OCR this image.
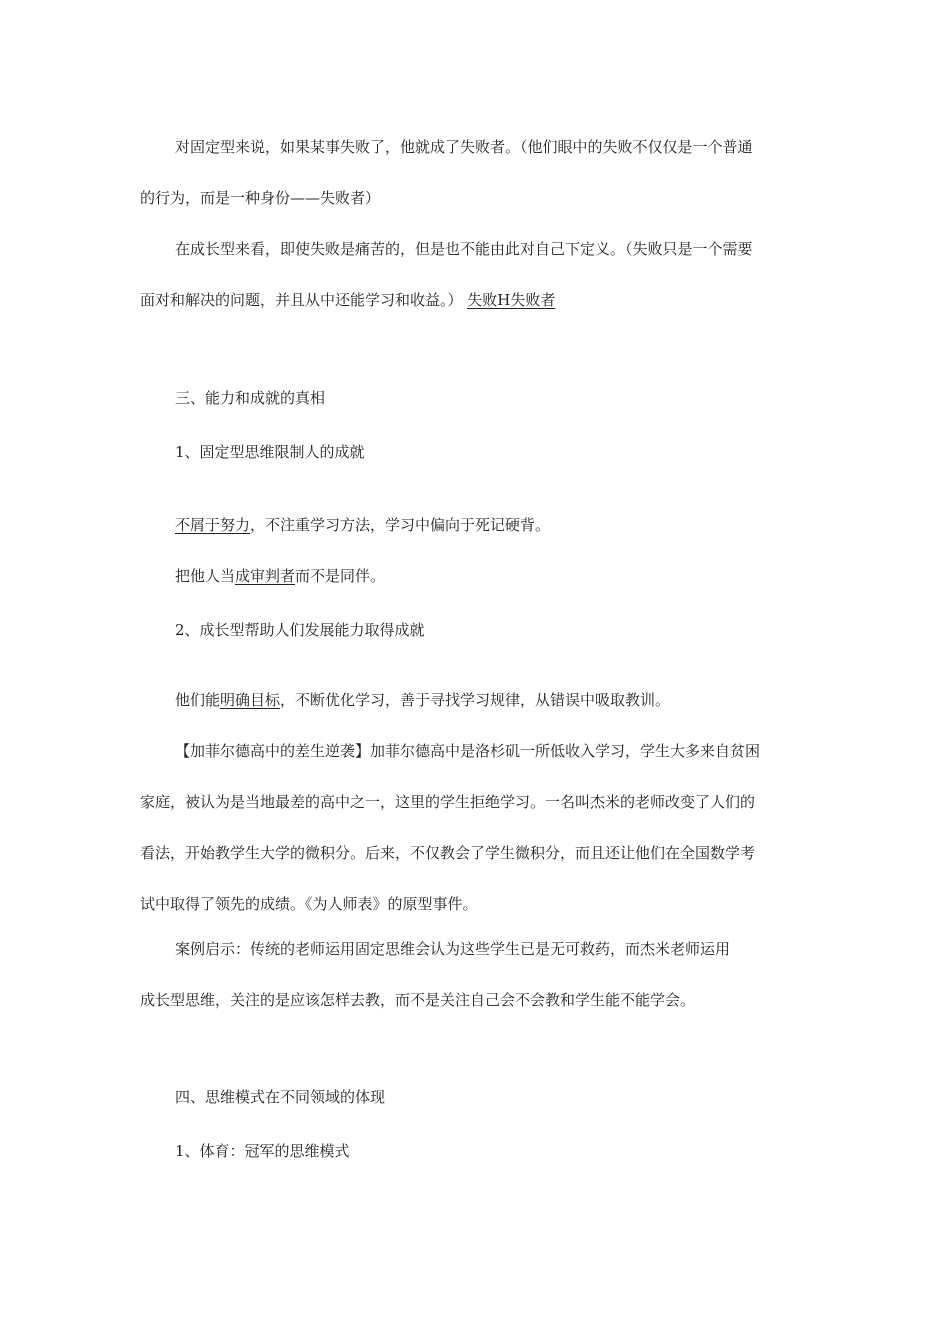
对固定型来说，如果某事失败了，他就成了失败者。（他们眼中的失败不仅仅是一个普通
的行为，而是一种身份——失败者）
在成长型来看，即使失败是痛苦的，但是也不能由此对自己下定义。（失败只是一个需要
面对和解决的问题，并且从中还能学习和收益。） 失败H失败者
三、能力和成就的真相
1、固定型思维限制人的成就
不屑于努力，不注重学习方法，学习中偏向于死记硬背。
把他人当成审判者而不是同伴。
2、成长型帮助人们发展能力取得成就
他们能明确目标，不断优化学习，善于寻找学习规律，从错误中吸取教训。
【加菲尔德高中的差生逆袭】加菲尔德高中是洛杉矶一所低收入学习，学生大多来自贫困
家庭，被认为是当地最差的高中之一，这里的学生拒绝学习。一名叫杰米的老师改变了人们的
看法，开始教学生大学的微积分。后来，不仅教会了学生微积分，而且还让他们在全国数学考
试中取得了领先的成绩。《为人师表》的原型事件。
案例启示：传统的老师运用固定思维会认为这些学生已是无可救药，而杰米老师运用
成长型思维，关注的是应该怎样去教，而不是关注自己会不会教和学生能不能学会。
四、思维模式在不同领域的体现
1、体育：冠军的思维模式
